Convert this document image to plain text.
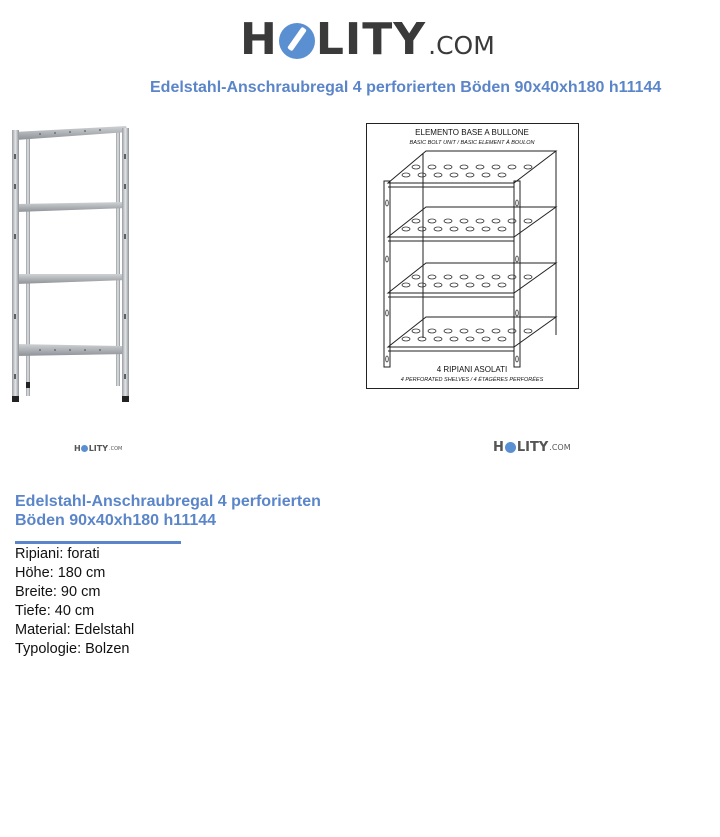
H LITY .COM
Edelstahl-Anschraubregal 4 perforierten Böden 90x40xh180 h11144
ELEMENTO BASE A BULLONE
BASIC BOLT UNIT / BASIC ELEMENT À BOULON
4 RIPIANI ASOLATI
4 PERFORATED SHELVES / 4 ÉTAGÈRES PERFORÉES
H LITY .COM	H LITY .COM
Edelstahl-Anschraubregal 4 perforierten
Böden 90x40xh180 h11144
Ripiani: forati
Höhe: 180 cm
Breite: 90 cm
Tiefe: 40 cm
Material: Edelstahl
Typologie: Bolzen
